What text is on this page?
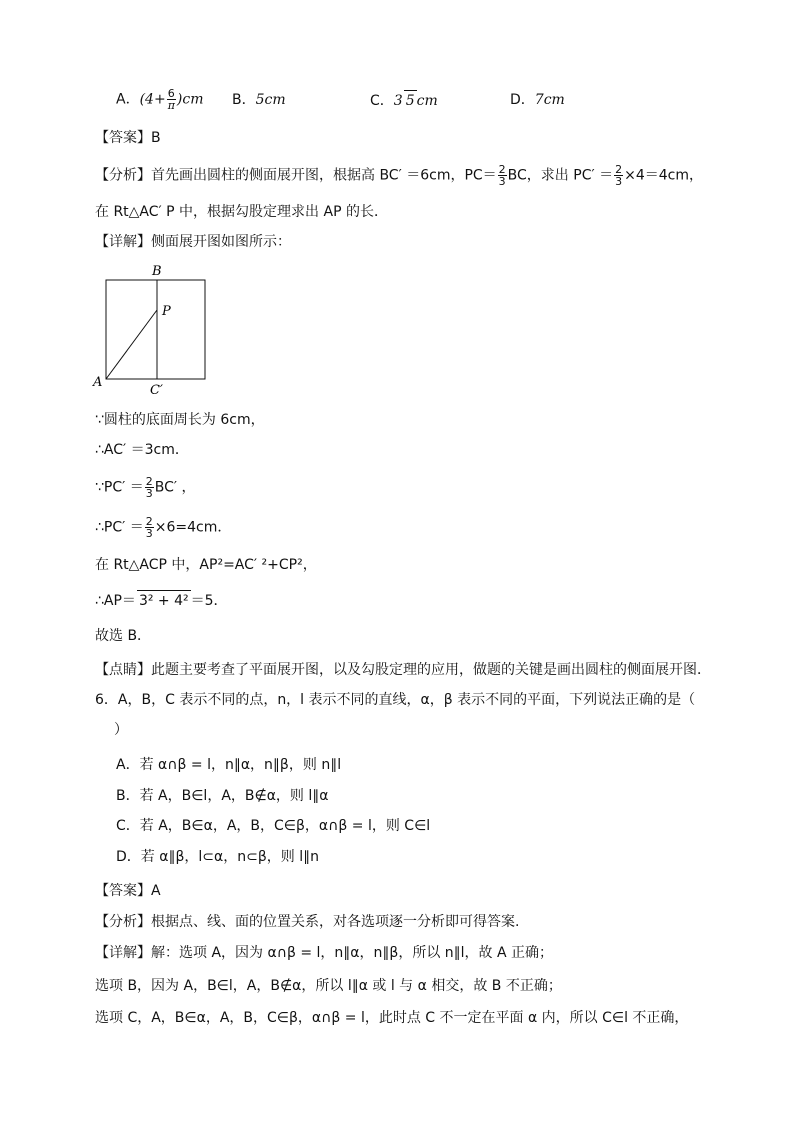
A．$(4+ \frac{6}{\pi} )cm$ B．5cm	C．3 5 cm	D．7cm
【答案】B
【分析】首先画出圆柱的侧面展开图，根据高 BC′ ＝6cm，$PC= \frac{2}{3}$ BC，求出 $PC' = \frac{2}{3} \times 4=4cm$，
在 Rt△AC′ P 中，根据勾股定理求出 AP 的长．
【详解】侧面展开图如图所示：
B
P
A
C′
∵圆柱的底面周长为 6cm，
∴AC′ ＝3cm．
∵PC′ ＝ $\frac{2}{3} BC'$ ，
∴PC′ ＝ $\frac{2}{3} \times 6=4cm$．
在 Rt△ACP 中，AP²=AC′ ²+CP²，
∴AP＝ 3² + 4² ＝5．
故选 B．
【点睛】此题主要考查了平面展开图，以及勾股定理的应用，做题的关键是画出圆柱的侧面展开图．
6．A，B，C 表示不同的点，n，l 表示不同的直线，α，β 表示不同的平面，下列说法正确的是（
）
A．若 α∩β = l，n∥α，n∥β，则 n∥l
B．若 A，B∈l，A，B∉α，则 l∥α
C．若 A，B∈α，A，B，C∈β，α∩β = l，则 C∈l
D．若 α∥β，l⊂α，n⊂β，则 l∥n
【答案】A
【分析】根据点、线、面的位置关系，对各选项逐一分析即可得答案.
【详解】解：选项 A，因为 α∩β = l，n∥α，n∥β，所以 n∥l，故 A 正确；
选项 B，因为 A，B∈l，A，B∉α，所以 l∥α 或 l 与 α 相交，故 B 不正确；
选项 C，A，B∈α，A，B，C∈β，α∩β = l，此时点 C 不一定在平面 α 内，所以 C∈l 不正确，
